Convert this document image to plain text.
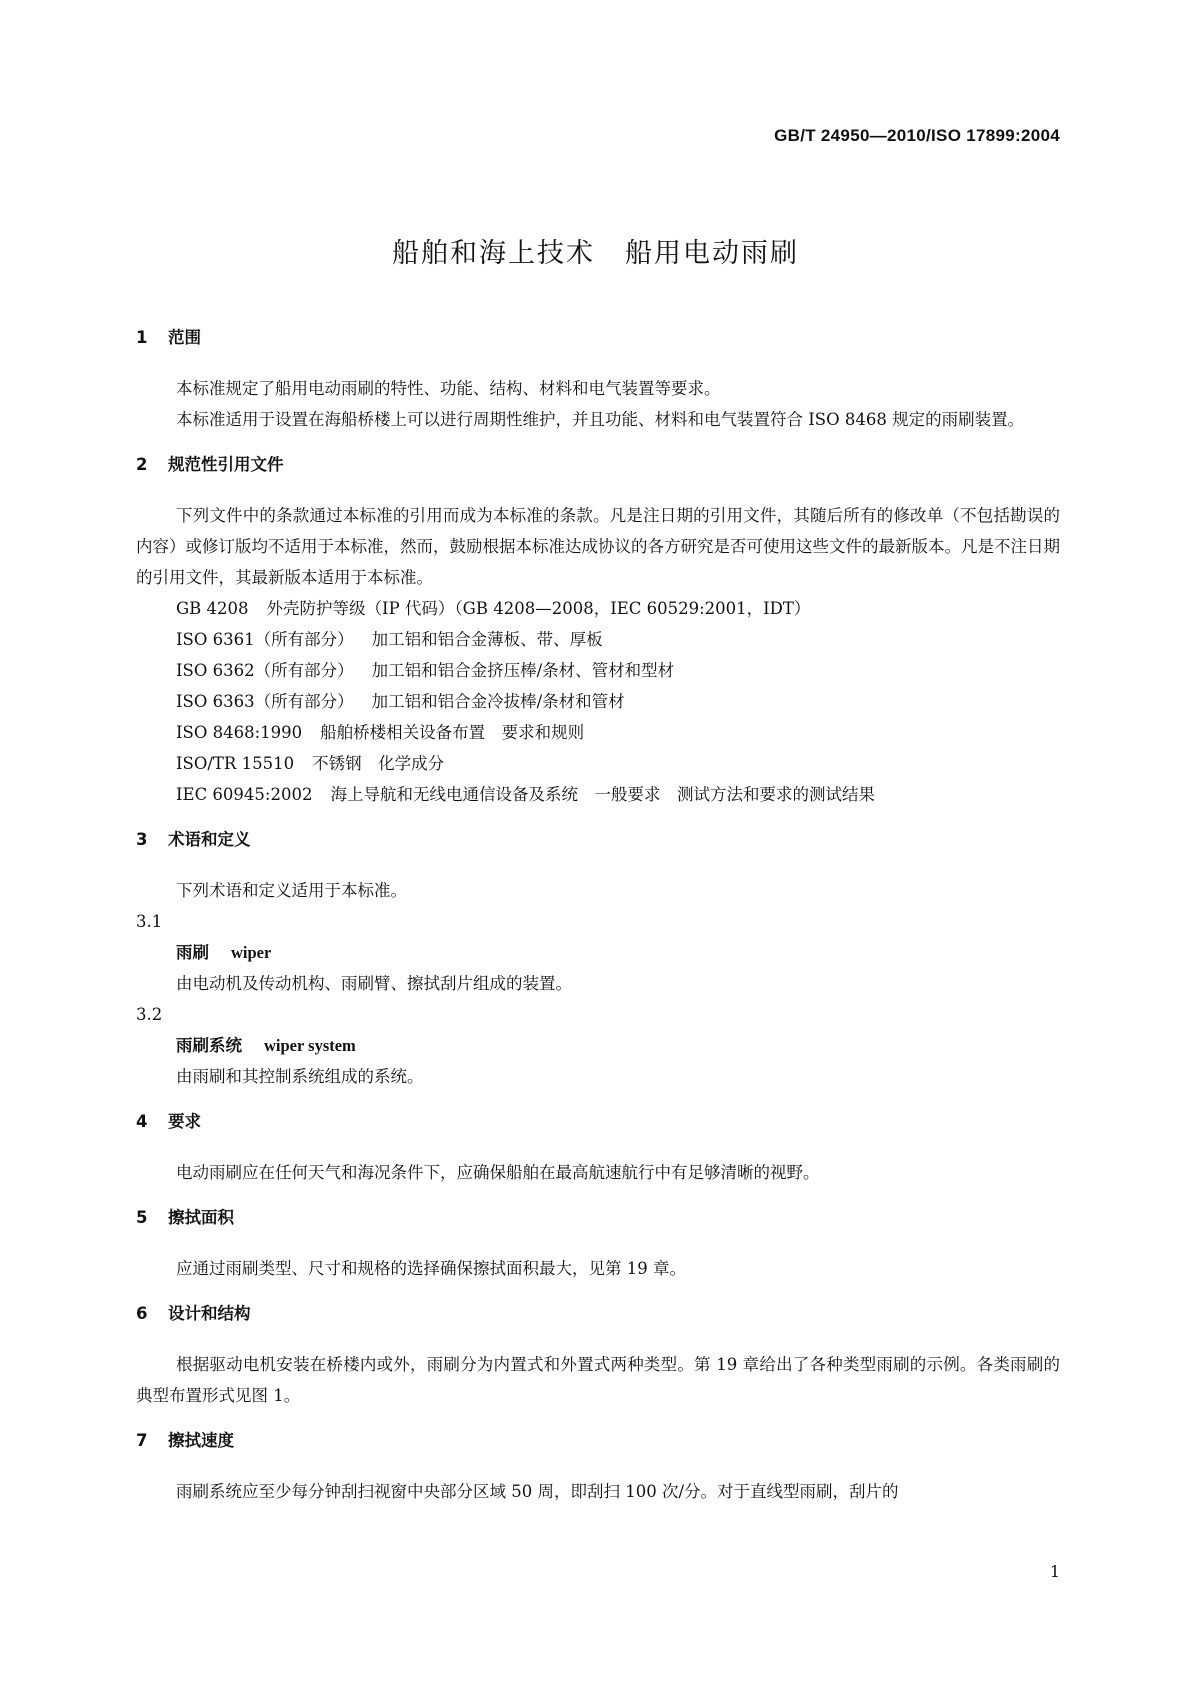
GB/T 24950—2010/ISO 17899:2004
船舶和海上技术 船用电动雨刷
1 范围

本标准规定了船用电动雨刷的特性、功能、结构、材料和电气装置等要求。

本标准适用于设置在海船桥楼上可以进行周期性维护，并且功能、材料和电气装置符合 ISO 8468 规定的雨刷装置。

2 规范性引用文件

下列文件中的条款通过本标准的引用而成为本标准的条款。凡是注日期的引用文件，其随后所有的修改单（不包括勘误的内容）或修订版均不适用于本标准，然而，鼓励根据本标准达成协议的各方研究是否可使用这些文件的最新版本。凡是不注日期的引用文件，其最新版本适用于本标准。

GB 4208 外壳防护等级（IP 代码）（GB 4208—2008，IEC 60529:2001，IDT）
ISO 6361（所有部分） 加工铝和铝合金薄板、带、厚板
ISO 6362（所有部分） 加工铝和铝合金挤压棒/条材、管材和型材
ISO 6363（所有部分） 加工铝和铝合金冷拔棒/条材和管材
ISO 8468:1990 船舶桥楼相关设备布置　要求和规则
ISO/TR 15510 不锈钢　化学成分
IEC 60945:2002 海上导航和无线电通信设备及系统　一般要求　测试方法和要求的测试结果
3 术语和定义

下列术语和定义适用于本标准。

3.1
雨刷 wiper
由电动机及传动机构、雨刷臂、擦拭刮片组成的装置。
3.2
雨刷系统 wiper system
由雨刷和其控制系统组成的系统。
4 要求

电动雨刷应在任何天气和海况条件下，应确保船舶在最高航速航行中有足够清晰的视野。

5 擦拭面积

应通过雨刷类型、尺寸和规格的选择确保擦拭面积最大，见第 19 章。

6 设计和结构

根据驱动电机安装在桥楼内或外，雨刷分为内置式和外置式两种类型。第 19 章给出了各种类型雨刷的示例。各类雨刷的典型布置形式见图 1。

7 擦拭速度

雨刷系统应至少每分钟刮扫视窗中央部分区域 50 周，即刮扫 100 次/分。对于直线型雨刷，刮片的

1
